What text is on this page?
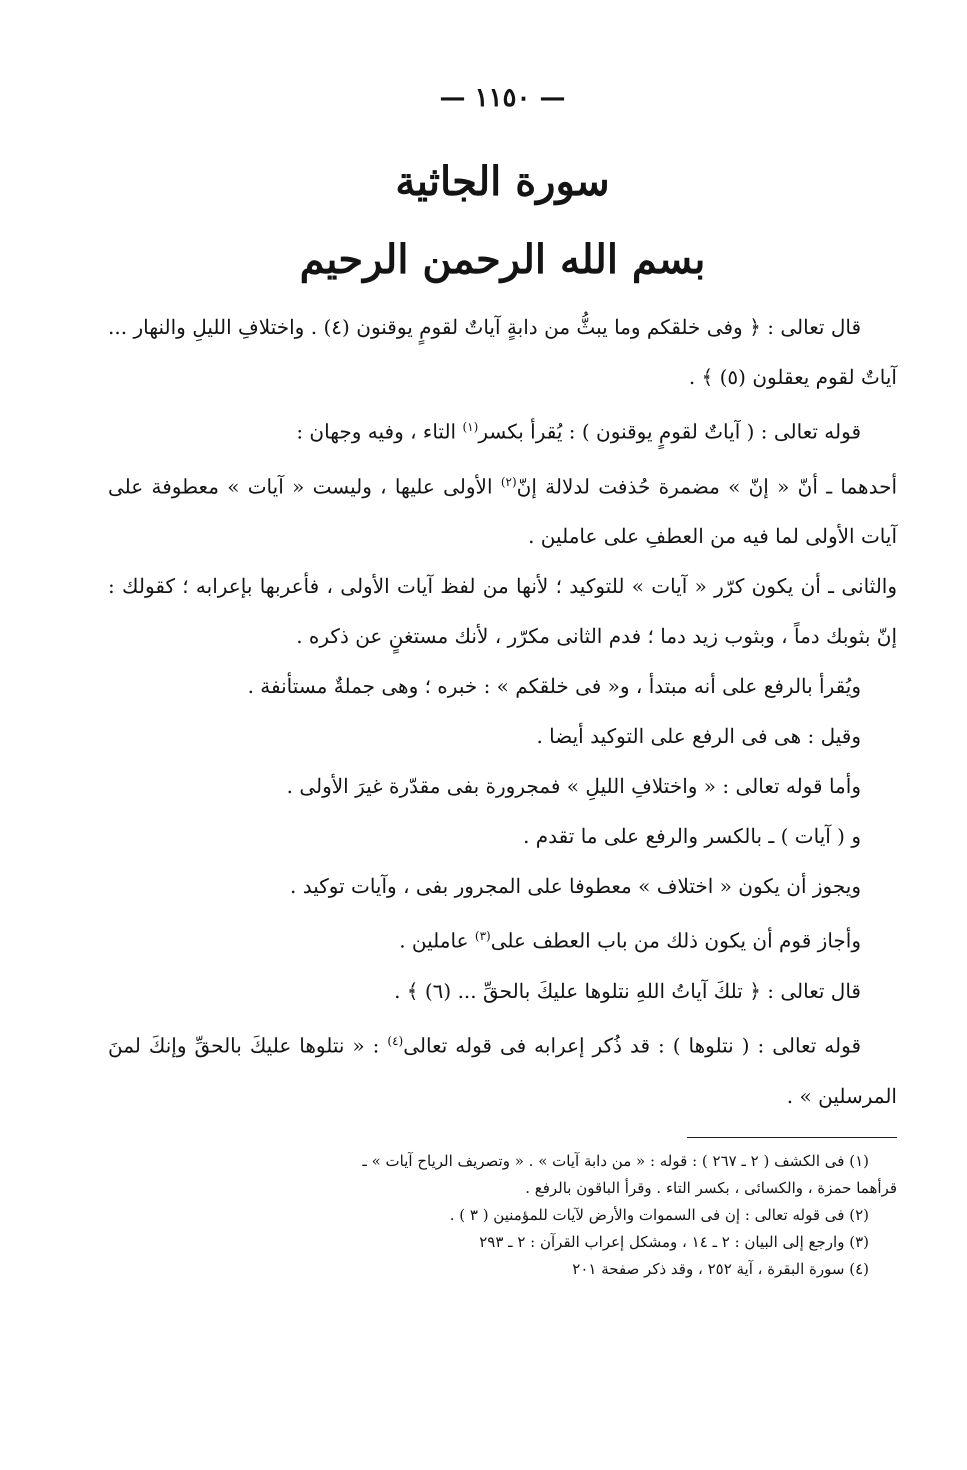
— ١١٥٠ —
سورة الجاثية
بسم الله الرحمن الرحيم

قال تعالى : ﴿ وفى خلقكم وما يبثُّ من دابةٍ آياتٌ لقومٍ يوقنون (٤) . واختلافِ الليلِ والنهار ... آياتٌ لقوم يعقلون (٥) ﴾ .

قوله تعالى : ( آياتٌ لقومٍ يوقنون ) : يُقرأ بكسر$^{(١)}$ التاء ، وفيه وجهان :

أحدهما ـ أنّ « إنّ » مضمرة حُذفت لدلالة إنّ$^{(٢)}$ الأولى عليها ، وليست « آيات » معطوفة على آيات الأولى لما فيه من العطفِ على عاملين .

والثانى ـ أن يكون كرّر « آيات » للتوكيد ؛ لأنها من لفظ آيات الأولى ، فأعربها بإعرابه ؛ كقولك : إنّ بثوبك دماً ، وبثوب زيد دما ؛ فدم الثانى مكرّر ، لأنك مستغنٍ عن ذكره .

ويُقرأ بالرفع على أنه مبتدأ ، و« فى خلقكم » : خبره ؛ وهى جملةٌ مستأنفة .

وقيل : هى فى الرفع على التوكيد أيضا .

وأما قوله تعالى : « واختلافِ الليلِ » فمجرورة بفى مقدّرة غيرَ الأولى .

و ( آيات ) ـ بالكسر والرفع على ما تقدم .

ويجوز أن يكون « اختلاف » معطوفا على المجرور بفى ، وآيات توكيد .

وأجاز قوم أن يكون ذلك من باب العطف على$^{(٣)}$ عاملين .

قال تعالى : ﴿ تلكَ آياتُ اللهِ نتلوها عليكَ بالحقِّ ... (٦) ﴾ .

قوله تعالى : ( نتلوها ) : قد ذُكر إعرابه فى قوله تعالى$^{(٤)}$ : « نتلوها عليكَ بالحقِّ وإنكَ لمنَ المرسلين » .

(١) فى الكشف ( ٢ ـ ٢٦٧ ) : قوله : « من دابة آيات » . « وتصريف الرياح آيات » ـ

قرأهما حمزة ، والكسائى ، بكسر التاء . وقرأ الباقون بالرفع .

(٢) فى قوله تعالى : إن فى السموات والأرض لآيات للمؤمنين ( ٣ ) .

(٣) وارجع إلى البيان : ٢ ـ ١٤ ، ومشكل إعراب القرآن : ٢ ـ ٢٩٣

(٤) سورة البقرة ، آية ٢٥٢ ، وقد ذكر صفحة ٢٠١
